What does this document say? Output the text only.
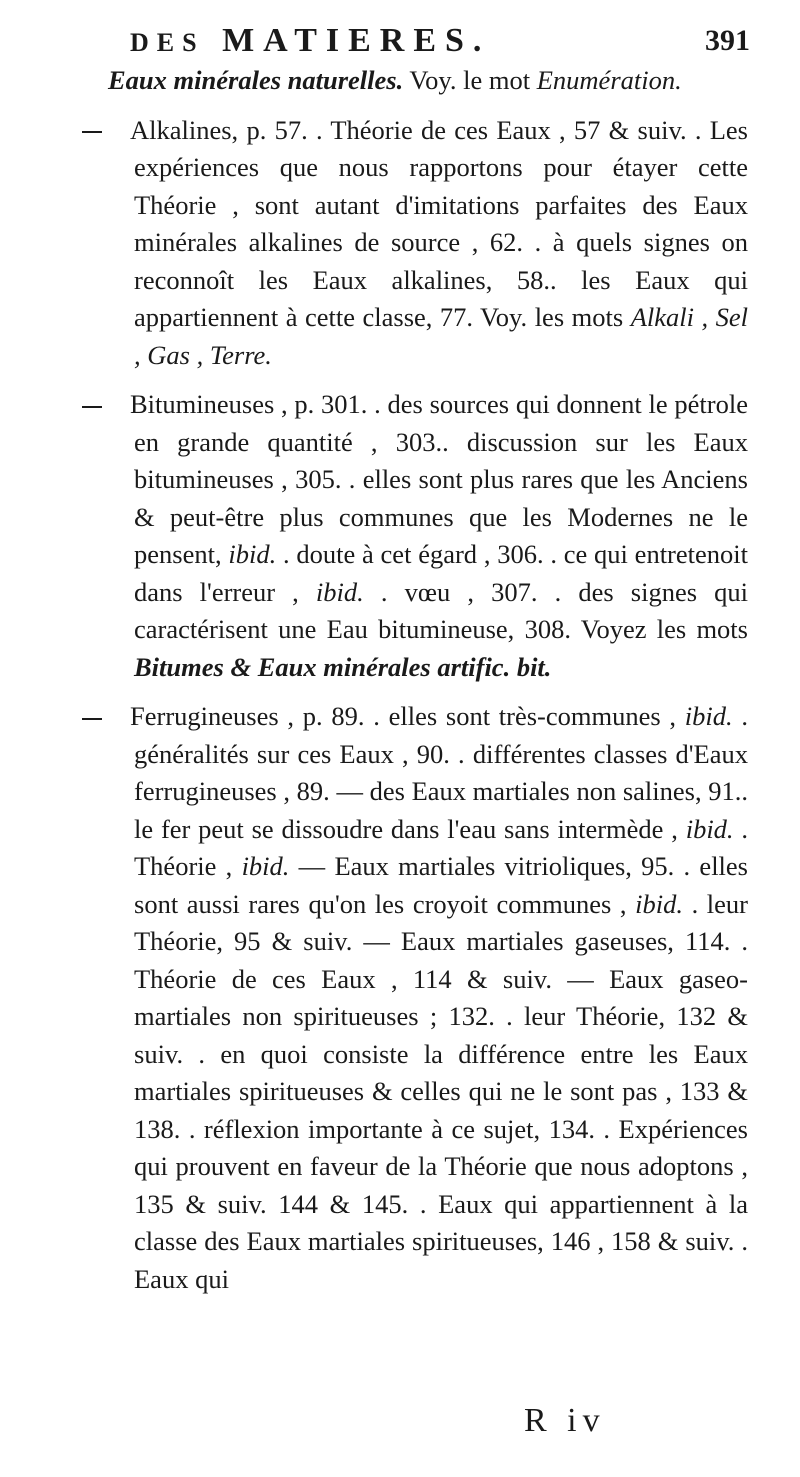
DES MATIERES.	391

Eaux minérales naturelles. Voy. le mot Enumération.

Alkalines, p. 57. . Théorie de ces Eaux , 57 & suiv. . Les expériences que nous rapportons pour étayer cette Théorie , sont autant d'imitations parfaites des Eaux minérales alkalines de source , 62. . à quels signes on reconnoît les Eaux alkalines, 58.. les Eaux qui appartiennent à cette classe, 77. Voy. les mots Alkali , Sel , Gas , Terre.

Bitumineuses , p. 301. . des sources qui donnent le pétrole en grande quantité , 303.. discussion sur les Eaux bitumineuses , 305. . elles sont plus rares que les Anciens & peut-être plus communes que les Modernes ne le pensent, ibid. . doute à cet égard , 306. . ce qui entretenoit dans l'erreur , ibid. . vœu , 307. . des signes qui caractérisent une Eau bitumineuse, 308. Voyez les mots Bitumes & Eaux minérales artific. bit.

Ferrugineuses , p. 89. . elles sont très-communes , ibid. . généralités sur ces Eaux , 90. . différentes classes d'Eaux ferrugineuses , 89. — des Eaux martiales non salines, 91.. le fer peut se dissoudre dans l'eau sans intermède , ibid. . Théorie , ibid. — Eaux martiales vitrioliques, 95. . elles sont aussi rares qu'on les croyoit communes , ibid. . leur Théorie, 95 & suiv. — Eaux martiales gaseuses, 114. . Théorie de ces Eaux , 114 & suiv. — Eaux gaseo-martiales non spiritueuses ; 132. . leur Théorie, 132 & suiv. . en quoi consiste la différence entre les Eaux martiales spiritueuses & celles qui ne le sont pas , 133 & 138. . réflexion importante à ce sujet, 134. . Expériences qui prouvent en faveur de la Théorie que nous adoptons , 135 & suiv. 144 & 145. . Eaux qui appartiennent à la classe des Eaux martiales spiritueuses, 146 , 158 & suiv. . Eaux qui

R iv
